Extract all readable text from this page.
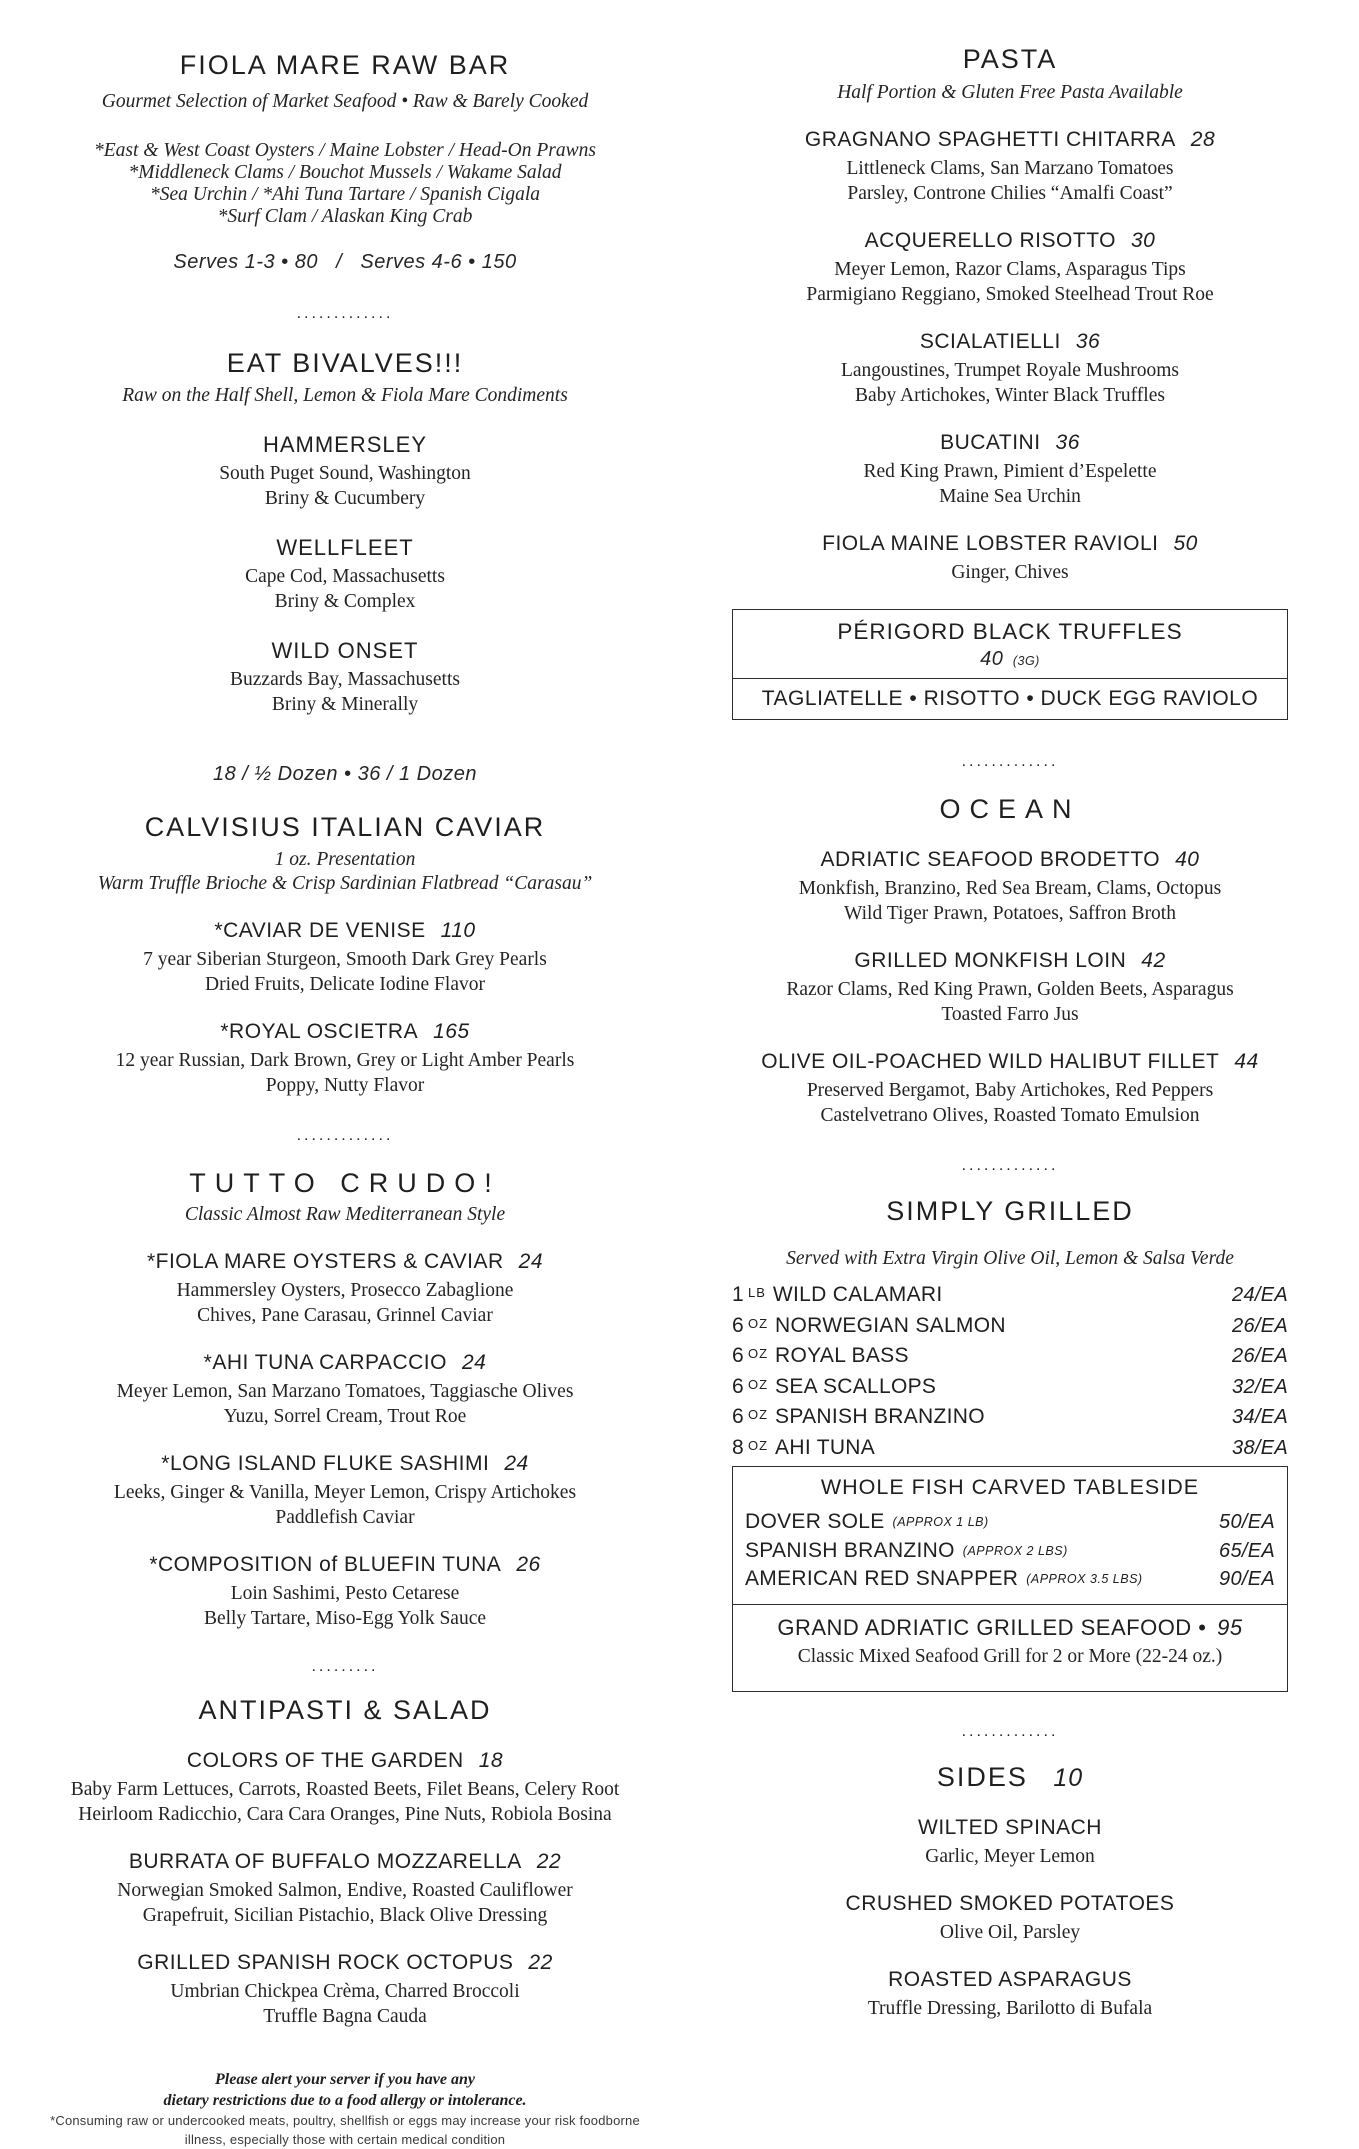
FIOLA MARE RAW BAR
Gourmet Selection of Market Seafood • Raw & Barely Cooked
*East & West Coast Oysters / Maine Lobster / Head-On Prawns
*Middleneck Clams / Bouchot Mussels / Wakame Salad
*Sea Urchin / *Ahi Tuna Tartare / Spanish Cigala
*Surf Clam / Alaskan King Crab
Serves 1-3 • 80   /   Serves 4-6 • 150
.............
EAT BIVALVES!!!
Raw on the Half Shell, Lemon & Fiola Mare Condiments
HAMMERSLEY
South Puget Sound, Washington
Briny & Cucumbery
WELLFLEET
Cape Cod, Massachusetts
Briny & Complex
WILD ONSET
Buzzards Bay, Massachusetts
Briny & Minerally
18 / ½ Dozen • 36 / 1 Dozen
CALVISIUS ITALIAN CAVIAR
1 oz. Presentation
Warm Truffle Brioche & Crisp Sardinian Flatbread “Carasau”
*CAVIAR DE VENISE 110
7 year Siberian Sturgeon, Smooth Dark Grey Pearls
Dried Fruits, Delicate Iodine Flavor
*ROYAL OSCIETRA 165
12 year Russian, Dark Brown, Grey or Light Amber Pearls
Poppy, Nutty Flavor
.............
TUTTO CRUDO!
Classic Almost Raw Mediterranean Style
*FIOLA MARE OYSTERS & CAVIAR 24
Hammersley Oysters, Prosecco Zabaglione
Chives, Pane Carasau, Grinnel Caviar
*AHI TUNA CARPACCIO 24
Meyer Lemon, San Marzano Tomatoes, Taggiasche Olives
Yuzu, Sorrel Cream, Trout Roe
*LONG ISLAND FLUKE SASHIMI 24
Leeks, Ginger & Vanilla, Meyer Lemon, Crispy Artichokes
Paddlefish Caviar
*COMPOSITION of BLUEFIN TUNA 26
Loin Sashimi, Pesto Cetarese
Belly Tartare, Miso-Egg Yolk Sauce
.........
ANTIPASTI & SALAD
COLORS OF THE GARDEN 18
Baby Farm Lettuces, Carrots, Roasted Beets, Filet Beans, Celery Root
Heirloom Radicchio, Cara Cara Oranges, Pine Nuts, Robiola Bosina
BURRATA OF BUFFALO MOZZARELLA 22
Norwegian Smoked Salmon, Endive, Roasted Cauliflower
Grapefruit, Sicilian Pistachio, Black Olive Dressing
GRILLED SPANISH ROCK OCTOPUS 22
Umbrian Chickpea Crèma, Charred Broccoli
Truffle Bagna Cauda
Please alert your server if you have any
dietary restrictions due to a food allergy or intolerance.
*Consuming raw or undercooked meats, poultry, shellfish or eggs may increase your risk foodborne
illness, especially those with certain medical condition
PASTA
Half Portion & Gluten Free Pasta Available
GRAGNANO SPAGHETTI CHITARRA 28
Littleneck Clams, San Marzano Tomatoes
Parsley, Controne Chilies “Amalfi Coast”
ACQUERELLO RISOTTO 30
Meyer Lemon, Razor Clams, Asparagus Tips
Parmigiano Reggiano, Smoked Steelhead Trout Roe
SCIALATIELLI 36
Langoustines, Trumpet Royale Mushrooms
Baby Artichokes, Winter Black Truffles
BUCATINI 36
Red King Prawn, Pimient d’Espelette
Maine Sea Urchin
FIOLA MAINE LOBSTER RAVIOLI 50
Ginger, Chives
PÉRIGORD BLACK TRUFFLES
40 (3G)
TAGLIATELLE • RISOTTO • DUCK EGG RAVIOLO
.............
OCEAN
ADRIATIC SEAFOOD BRODETTO 40
Monkfish, Branzino, Red Sea Bream, Clams, Octopus
Wild Tiger Prawn, Potatoes, Saffron Broth
GRILLED MONKFISH LOIN 42
Razor Clams, Red King Prawn, Golden Beets, Asparagus
Toasted Farro Jus
OLIVE OIL-POACHED WILD HALIBUT FILLET 44
Preserved Bergamot, Baby Artichokes, Red Peppers
Castelvetrano Olives, Roasted Tomato Emulsion
.............
SIMPLY GRILLED
Served with Extra Virgin Olive Oil, Lemon & Salsa Verde
1 LB WILD CALAMARI	24/EA
6 OZ NORWEGIAN SALMON	26/EA
6 OZ ROYAL BASS	26/EA
6 OZ SEA SCALLOPS	32/EA
6 OZ SPANISH BRANZINO	34/EA
8 OZ AHI TUNA	38/EA
WHOLE FISH CARVED TABLESIDE
DOVER SOLE (APPROX 1 LB)	50/EA
SPANISH BRANZINO (APPROX 2 LBS)	65/EA
AMERICAN RED SNAPPER (APPROX 3.5 LBS)	90/EA
GRAND ADRIATIC GRILLED SEAFOOD • 95
Classic Mixed Seafood Grill for 2 or More (22-24 oz.)
.............
SIDES 10
WILTED SPINACH
Garlic, Meyer Lemon
CRUSHED SMOKED POTATOES
Olive Oil, Parsley
ROASTED ASPARAGUS
Truffle Dressing, Barilotto di Bufala
